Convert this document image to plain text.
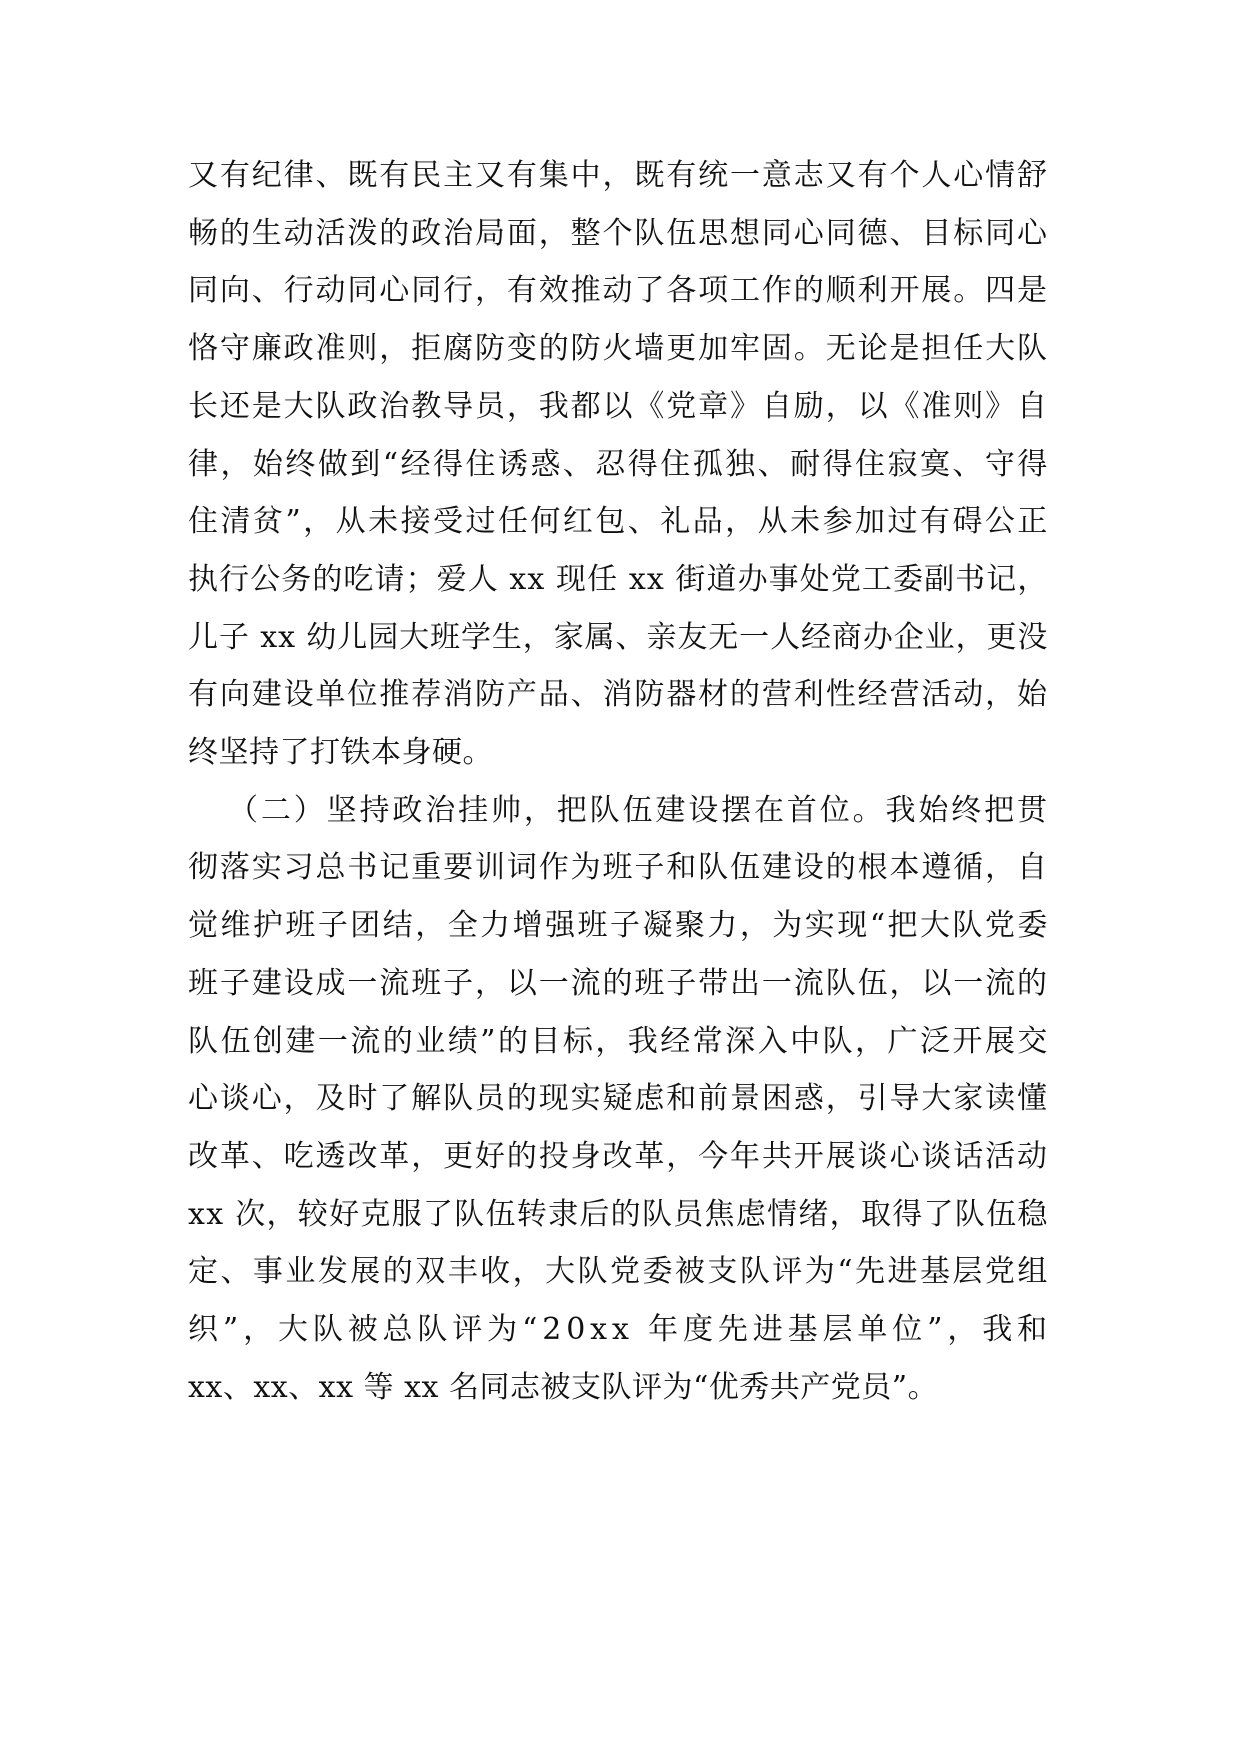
又有纪律、既有民主又有集中，既有统一意志又有个人心情舒
畅的生动活泼的政治局面，整个队伍思想同心同德、目标同心
同向、行动同心同行，有效推动了各项工作的顺利开展。四是
恪守廉政准则，拒腐防变的防火墙更加牢固。无论是担任大队
长还是大队政治教导员，我都以《党章》自励，以《准则》自
律，始终做到“经得住诱惑、忍得住孤独、耐得住寂寞、守得
住清贫”，从未接受过任何红包、礼品，从未参加过有碍公正
执行公务的吃请；爱人 xx 现任 xx 街道办事处党工委副书记，
儿子 xx 幼儿园大班学生，家属、亲友无一人经商办企业，更没
有向建设单位推荐消防产品、消防器材的营利性经营活动，始
终坚持了打铁本身硬。
（二）坚持政治挂帅，把队伍建设摆在首位。我始终把贯
彻落实习总书记重要训词作为班子和队伍建设的根本遵循，自
觉维护班子团结，全力增强班子凝聚力，为实现“把大队党委
班子建设成一流班子，以一流的班子带出一流队伍，以一流的
队伍创建一流的业绩”的目标，我经常深入中队，广泛开展交
心谈心，及时了解队员的现实疑虑和前景困惑，引导大家读懂
改革、吃透改革，更好的投身改革，今年共开展谈心谈话活动
xx 次，较好克服了队伍转隶后的队员焦虑情绪，取得了队伍稳
定、事业发展的双丰收，大队党委被支队评为“先进基层党组
织”，大队被总队评为“20xx 年度先进基层单位”，我和
xx、xx、xx 等 xx 名同志被支队评为“优秀共产党员”。
